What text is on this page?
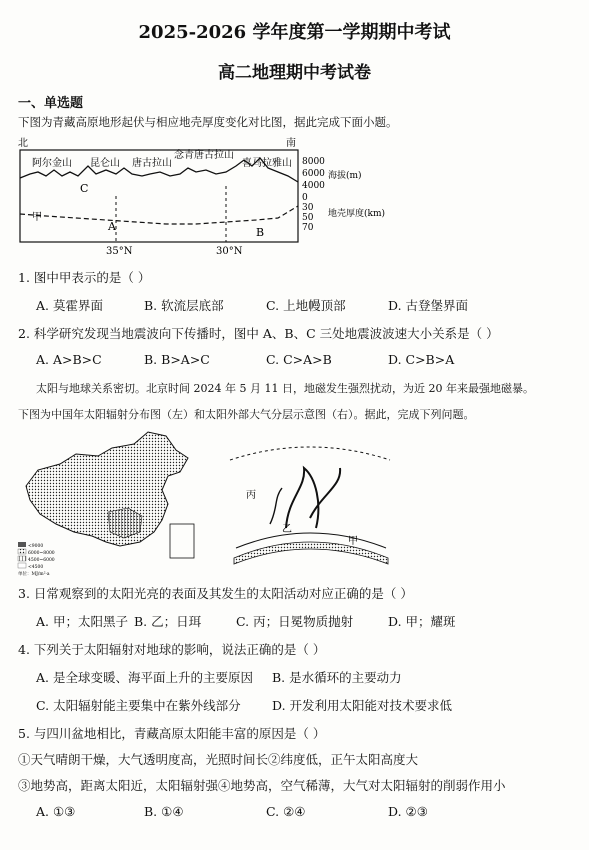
2025-2026 学年度第一学期期中考试
高二地理期中考试卷
一、单选题
下图为青藏高原地形起伏与相应地壳厚度变化对比图，据此完成下面小题。
北	南
阿尔金山 昆仑山 唐古拉山
念青唐古拉山
喜马拉雅山
C
甲
A	B
35°N	30°N
8000
6000 海拔(m)
4000
0
30
地壳厚度(km)
50
70
1. 图中甲表示的是（ ）
A. 莫霍界面	B. 软流层底部	C. 上地幔顶部	D. 古登堡界面
2. 科学研究发现当地震波向下传播时，图中 A、B、C 三处地震波波速大小关系是（ ）
A. A>B>C	B. B>A>C	C. C>A>B	D. C>B>A
太阳与地球关系密切。北京时间 2024 年 5 月 11 日，地磁发生强烈扰动，为近 20 年来最强地磁暴。
下图为中国年太阳辐射分布图（左）和太阳外部大气分层示意图（右）。据此，完成下列问题。
<9000
6000~8000
4500~6000
<4500
单位：MJ/m²·a
丙
乙
甲
3. 日常观察到的太阳光亮的表面及其发生的太阳活动对应正确的是（ ）
A. 甲；太阳黑子 B. 乙；日珥	C. 丙；日冕物质抛射	D. 甲；耀斑
4. 下列关于太阳辐射对地球的影响，说法正确的是（ ）
A. 是全球变暖、海平面上升的主要原因 B. 是水循环的主要动力
C. 太阳辐射能主要集中在紫外线部分	D. 开发利用太阳能对技术要求低
5. 与四川盆地相比，青藏高原太阳能丰富的原因是（ ）
①天气晴朗干燥，大气透明度高，光照时间长②纬度低，正午太阳高度大
③地势高，距离太阳近，太阳辐射强④地势高，空气稀薄，大气对太阳辐射的削弱作用小
A. ①③	B. ①④	C. ②④	D. ②③
